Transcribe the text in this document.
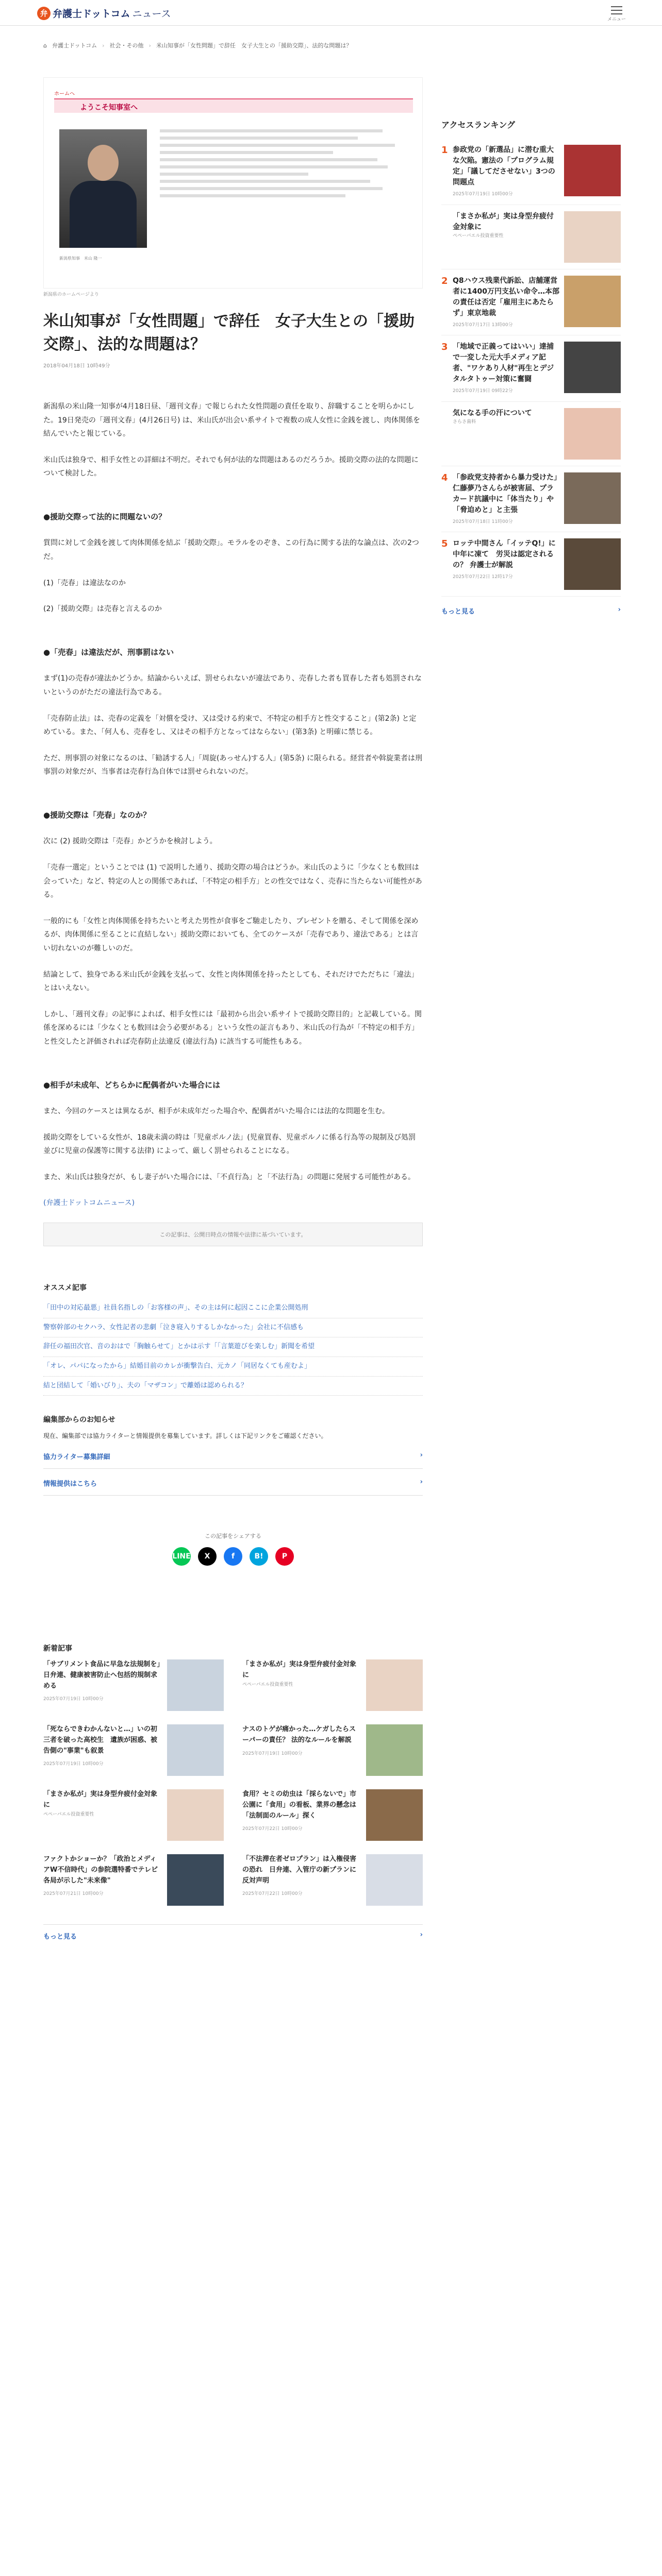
弁 弁護士ドットコム ニュース	メニュー
⌂ 弁護士ドットコム › 社会・その他 › 米山知事が「女性問題」で辞任　女子大生との「援助交際」、法的な問題は？
ホームへ
ようこそ知事室へ
新潟県知事　米山 隆一
新潟県のホームページより
米山知事が「女性問題」で辞任　女子大生との「援助交際」、法的な問題は？
2018年04月18日 10時49分

新潟県の米山隆一知事が4月18日昼、「週刊文春」で報じられた女性問題の責任を取り、辞職することを明らかにした。19日発売の「週刊文春」(4月26日号) は、米山氏が出会い系サイトで複数の成人女性に金銭を渡し、肉体関係を結んでいたと報じている。

米山氏は独身で、相手女性との詳細は不明だ。それでも何が法的な問題はあるのだろうか。援助交際の法的な問題について検討した。

●援助交際って法的に問題ないの？

質問に対して金銭を渡して肉体関係を結ぶ「援助交際」。モラルをのぞき、この行為に関する法的な論点は、次の2つだ。

(1)「売春」は違法なのか

(2)「援助交際」は売春と言えるのか

●「売春」は違法だが、刑事罰はない

まず(1)の売春が違法かどうか。結論からいえば、罰せられないが違法であり、売春した者も買春した者も処罰されないというのがただの違法行為である。

「売春防止法」は、売春の定義を「対償を受け、又は受ける約束で、不特定の相手方と性交すること」(第2条) と定めている。また、「何人も、売春をし、又はその相手方となってはならない」(第3条) と明確に禁じる。

ただ、刑事罰の対象になるのは、「勧誘する人」「周旋(あっせん)する人」(第5条) に限られる。経営者や斡旋業者は刑事罰の対象だが、当事者は売春行為自体では罰せられないのだ。

●援助交際は「売春」なのか？

次に (2) 援助交際は「売春」かどうかを検討しよう。

「売春一選定」ということでは (1) で説明した通り、援助交際の場合はどうか。米山氏のように「少なくとも数回は会っていた」など、特定の人との関係であれば、「不特定の相手方」との性交ではなく、売春に当たらない可能性がある。

一般的にも「女性と肉体関係を持ちたいと考えた男性が食事をご馳走したり、プレゼントを贈る、そして関係を深めるが、肉体関係に至ることに直結しない」援助交際においても、全てのケースが「売春であり、違法である」とは言い切れないのが難しいのだ。

結論として、独身である米山氏が金銭を支払って、女性と肉体関係を持ったとしても、それだけでただちに「違法」とはいえない。

しかし、「週刊文春」の記事によれば、相手女性には「最初から出会い系サイトで援助交際目的」と記載している。関係を深めるには「少なくとも数回は会う必要がある」という女性の証言もあり、米山氏の行為が「不特定の相手方」と性交したと評価されれば売春防止法違反 (違法行為) に該当する可能性もある。

●相手が未成年、どちらかに配偶者がいた場合には

また、今回のケースとは異なるが、相手が未成年だった場合や、配偶者がいた場合には法的な問題を生む。

援助交際をしている女性が、18歳未満の時は「児童ポルノ法」(児童買春、児童ポルノに係る行為等の規制及び処罰並びに児童の保護等に関する法律) によって、厳しく罰せられることになる。

また、米山氏は独身だが、もし妻子がいた場合には、「不貞行為」と「不法行為」の問題に発展する可能性がある。

(弁護士ドットコムニュース)

この記事は、公開日時点の情報や法律に基づいています。
オススメ記事
「田中の対応最悪」社員名指しの「お客様の声」、その主は何に起因ここに企業公開処刑
警察幹部のセクハラ、女性記者の悲劇「泣き寝入りするしかなかった」会社に不信感も
辞任の福田次官、音のおはで「胸触らせて」とかは示す「「言葉遊びを楽しむ」新聞を希望
「オレ、パパになったから」結婚目前のカレが衝撃告白、元カノ「同居なくても産むよ」
結と団結して「婚いびり」、夫の「マザコン」で離婚は認められる？
編集部からのお知らせ

現在、編集部では協力ライターと情報提供を募集しています。詳しくは下記リンクをご確認ください。

協力ライター募集詳細	›
情報提供はこちら	›
この記事をシェアする
LINE	X	f	B!	P
新着記事
「サブリメント食品に早急な法規制を」日弁連、健康被害防止へ包括的規制求める
2025年07月19日 10時00分
「まさか私が」実は身型弁疲付金対象に
ペペーパエル投資重要性
「死ならできわかんないと…」いの初三者を破った高校生　遺族が困惑、被告側の"事業"も叙景
2025年07月19日 10時00分
ナスのトゲが痛かった…ケガしたらスーパーの責任？ 法的なルールを解説
2025年07月19日 10時00分
「まさか私が」実は身型弁疲付金対象に
ペペーパエル投資重要性
食用？セミの幼虫は「採らないで」市公園に「食用」の看板、業界の懸念は「法制面のルール」探く
2025年07月22日 10時00分
ファクトかショーか？「政治とメディアW不信時代」の参院選特番でテレビ各局が示した"未来像"
2025年07月21日 10時00分
「不法滞在者ゼロプラン」は入権侵害の恐れ　日弁連、入管庁の新プランに反対声明
2025年07月22日 10時00分
もっと見る	›
アクセスランキング
1 参政党の「新選品」に潜む重大な欠陥。憲法の「プログラム規定」「議してださせない」3つの問題点
2025年07月19日 10時00分
「まさか私が」実は身型弁疲付金対象に
ペペーパエル投資重要性
2 Q8ハウス残業代訴訟、店舗運営者に1400万円支払い命令…本部の責任は否定「雇用主にあたらず」東京地裁
2025年07月17日 13時00分
3 「地域で正義ってはいい」達捕で一変した元大手メディア記者、"ワケあり人材"再生とデジタルタトゥー対策に奮闘
2025年07月19日 09時22分
気になる手の汗について
さらさ歯科
4 「参政党支持者から暴力受けた」仁藤夢乃さんらが被害届、プラカード抗議中に「体当たり」や「脅迫めと」と主張
2025年07月18日 11時00分
5 ロッテ中間さん「イッテQ!」に中年に凍て　労災は認定されるの？ 弁護士が解説
2025年07月22日 12時17分
もっと見る	›
